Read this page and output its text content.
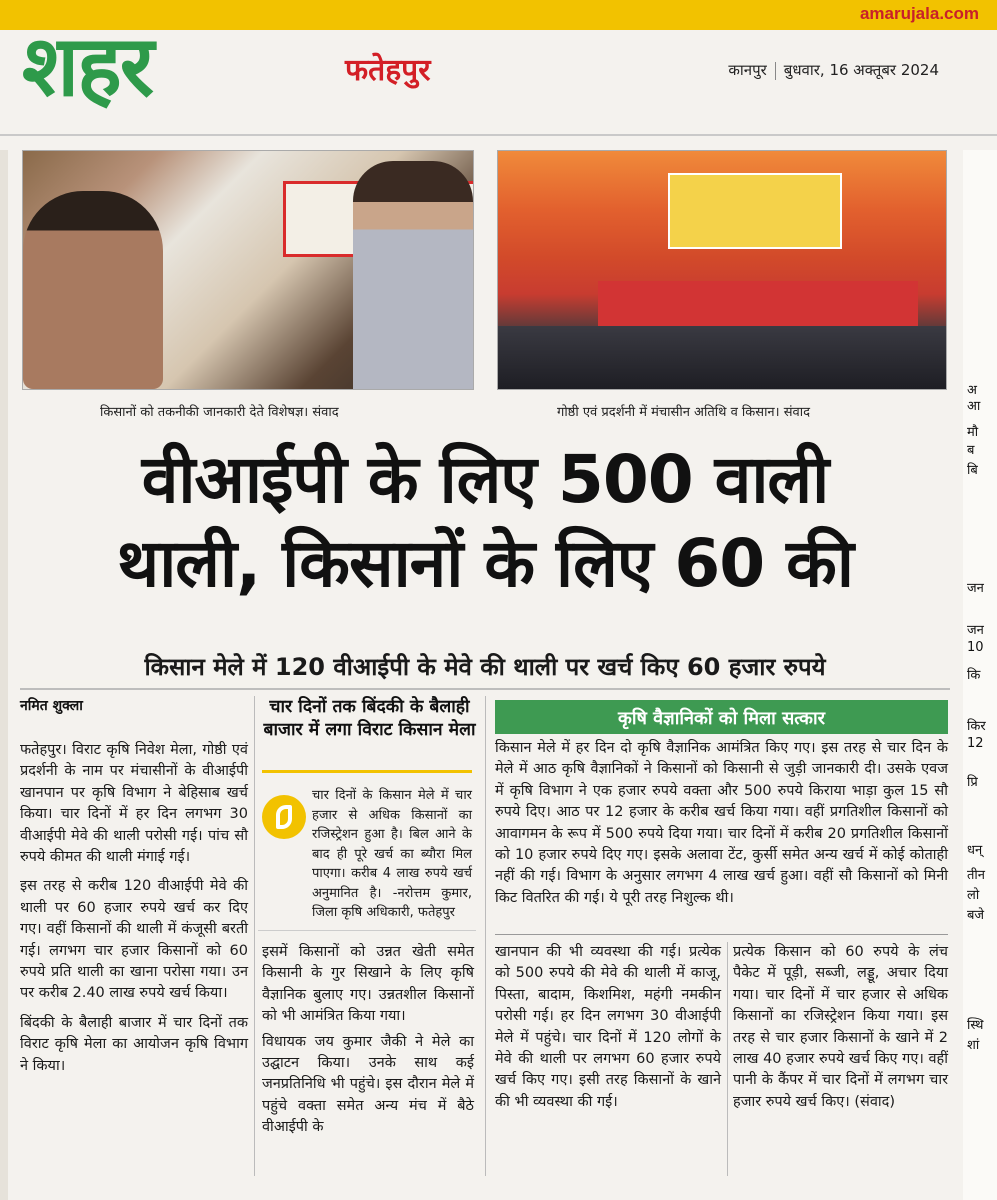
amarujala.com
शहर	फतेहपुर	कानपुर बुधवार, 16 अक्तूबर 2024
किसानों को तकनीकी जानकारी देते विशेषज्ञ। संवाद	गोष्ठी एवं प्रदर्शनी में मंचासीन अतिथि व किसान। संवाद
वीआईपी के लिए 500 वाली
थाली, किसानों के लिए 60 की
किसान मेले में 120 वीआईपी के मेवे की थाली पर खर्च किए 60 हजार रुपये
नमित शुक्ला

फतेहपुर। विराट कृषि निवेश मेला, गोष्ठी एवं प्रदर्शनी के नाम पर मंचासीनों के वीआईपी खानपान पर कृषि विभाग ने बेहिसाब खर्च किया। चार दिनों में हर दिन लगभग 30 वीआईपी मेवे की थाली परोसी गई। पांच सौ रुपये कीमत की थाली मंगाई गई।

इस तरह से करीब 120 वीआईपी मेवे की थाली पर 60 हजार रुपये खर्च कर दिए गए। वहीं किसानों की थाली में कंजूसी बरती गई। लगभग चार हजार किसानों को 60 रुपये प्रति थाली का खाना परोसा गया। उन पर करीब 2.40 लाख रुपये खर्च किया।

बिंदकी के बैलाही बाजार में चार दिनों तक विराट कृषि मेला का आयोजन कृषि विभाग ने किया।

चार दिनों तक बिंदकी के बैलाही बाजार में लगा विराट किसान मेला
चार दिनों के किसान मेले में चार हजार से अधिक किसानों का रजिस्ट्रेशन हुआ है। बिल आने के बाद ही पूरे खर्च का ब्यौरा मिल पाएगा। करीब 4 लाख रुपये खर्च अनुमानित है। -नरोत्तम कुमार, जिला कृषि अधिकारी, फतेहपुर

इसमें किसानों को उन्नत खेती समेत किसानी के गुर सिखाने के लिए कृषि वैज्ञानिक बुलाए गए। उन्नतशील किसानों को भी आमंत्रित किया गया।

विधायक जय कुमार जैकी ने मेले का उद्घाटन किया। उनके साथ कई जनप्रतिनिधि भी पहुंचे। इस दौरान मेले में पहुंचे वक्ता समेत अन्य मंच में बैठे वीआईपी के

कृषि वैज्ञानिकों को मिला सत्कार
किसान मेले में हर दिन दो कृषि वैज्ञानिक आमंत्रित किए गए। इस तरह से चार दिन के मेले में आठ कृषि वैज्ञानिकों ने किसानों को किसानी से जुड़ी जानकारी दी। उसके एवज में कृषि विभाग ने एक हजार रुपये वक्ता और 500 रुपये किराया भाड़ा कुल 15 सौ रुपये दिए। आठ पर 12 हजार के करीब खर्च किया गया। वहीं प्रगतिशील किसानों को आवागमन के रूप में 500 रुपये दिया गया। चार दिनों में करीब 20 प्रगतिशील किसानों को 10 हजार रुपये दिए गए। इसके अलावा टेंट, कुर्सी समेत अन्य खर्च में कोई कोताही नहीं की गई। विभाग के अनुसार लगभग 4 लाख खर्च हुआ। वहीं सौ किसानों को मिनी किट वितरित की गई। ये पूरी तरह निशुल्क थी।
खानपान की भी व्यवस्था की गई। प्रत्येक को 500 रुपये की मेवे की थाली में काजू, पिस्ता, बादाम, किशमिश, महंगी नमकीन परोसी गई। हर दिन लगभग 30 वीआईपी मेले में पहुंचे। चार दिनों में 120 लोगों के मेवे की थाली पर लगभग 60 हजार रुपये खर्च किए गए। इसी तरह किसानों के खाने की भी व्यवस्था की गई।
प्रत्येक किसान को 60 रुपये के लंच पैकेट में पूड़ी, सब्जी, लड्डू, अचार दिया गया। चार दिनों में चार हजार से अधिक किसानों का रजिस्ट्रेशन किया गया। इस तरह से चार हजार किसानों के खाने में 2 लाख 40 हजार रुपये खर्च किए गए। वहीं पानी के कैंपर में चार दिनों में लगभग चार हजार रुपये खर्च किए। (संवाद)
अ
आ
मौ
ब
बि
जन
जन
10
कि
किर
12
प्रि
धन्
तीन
लो
बजे
स्थि
शां
